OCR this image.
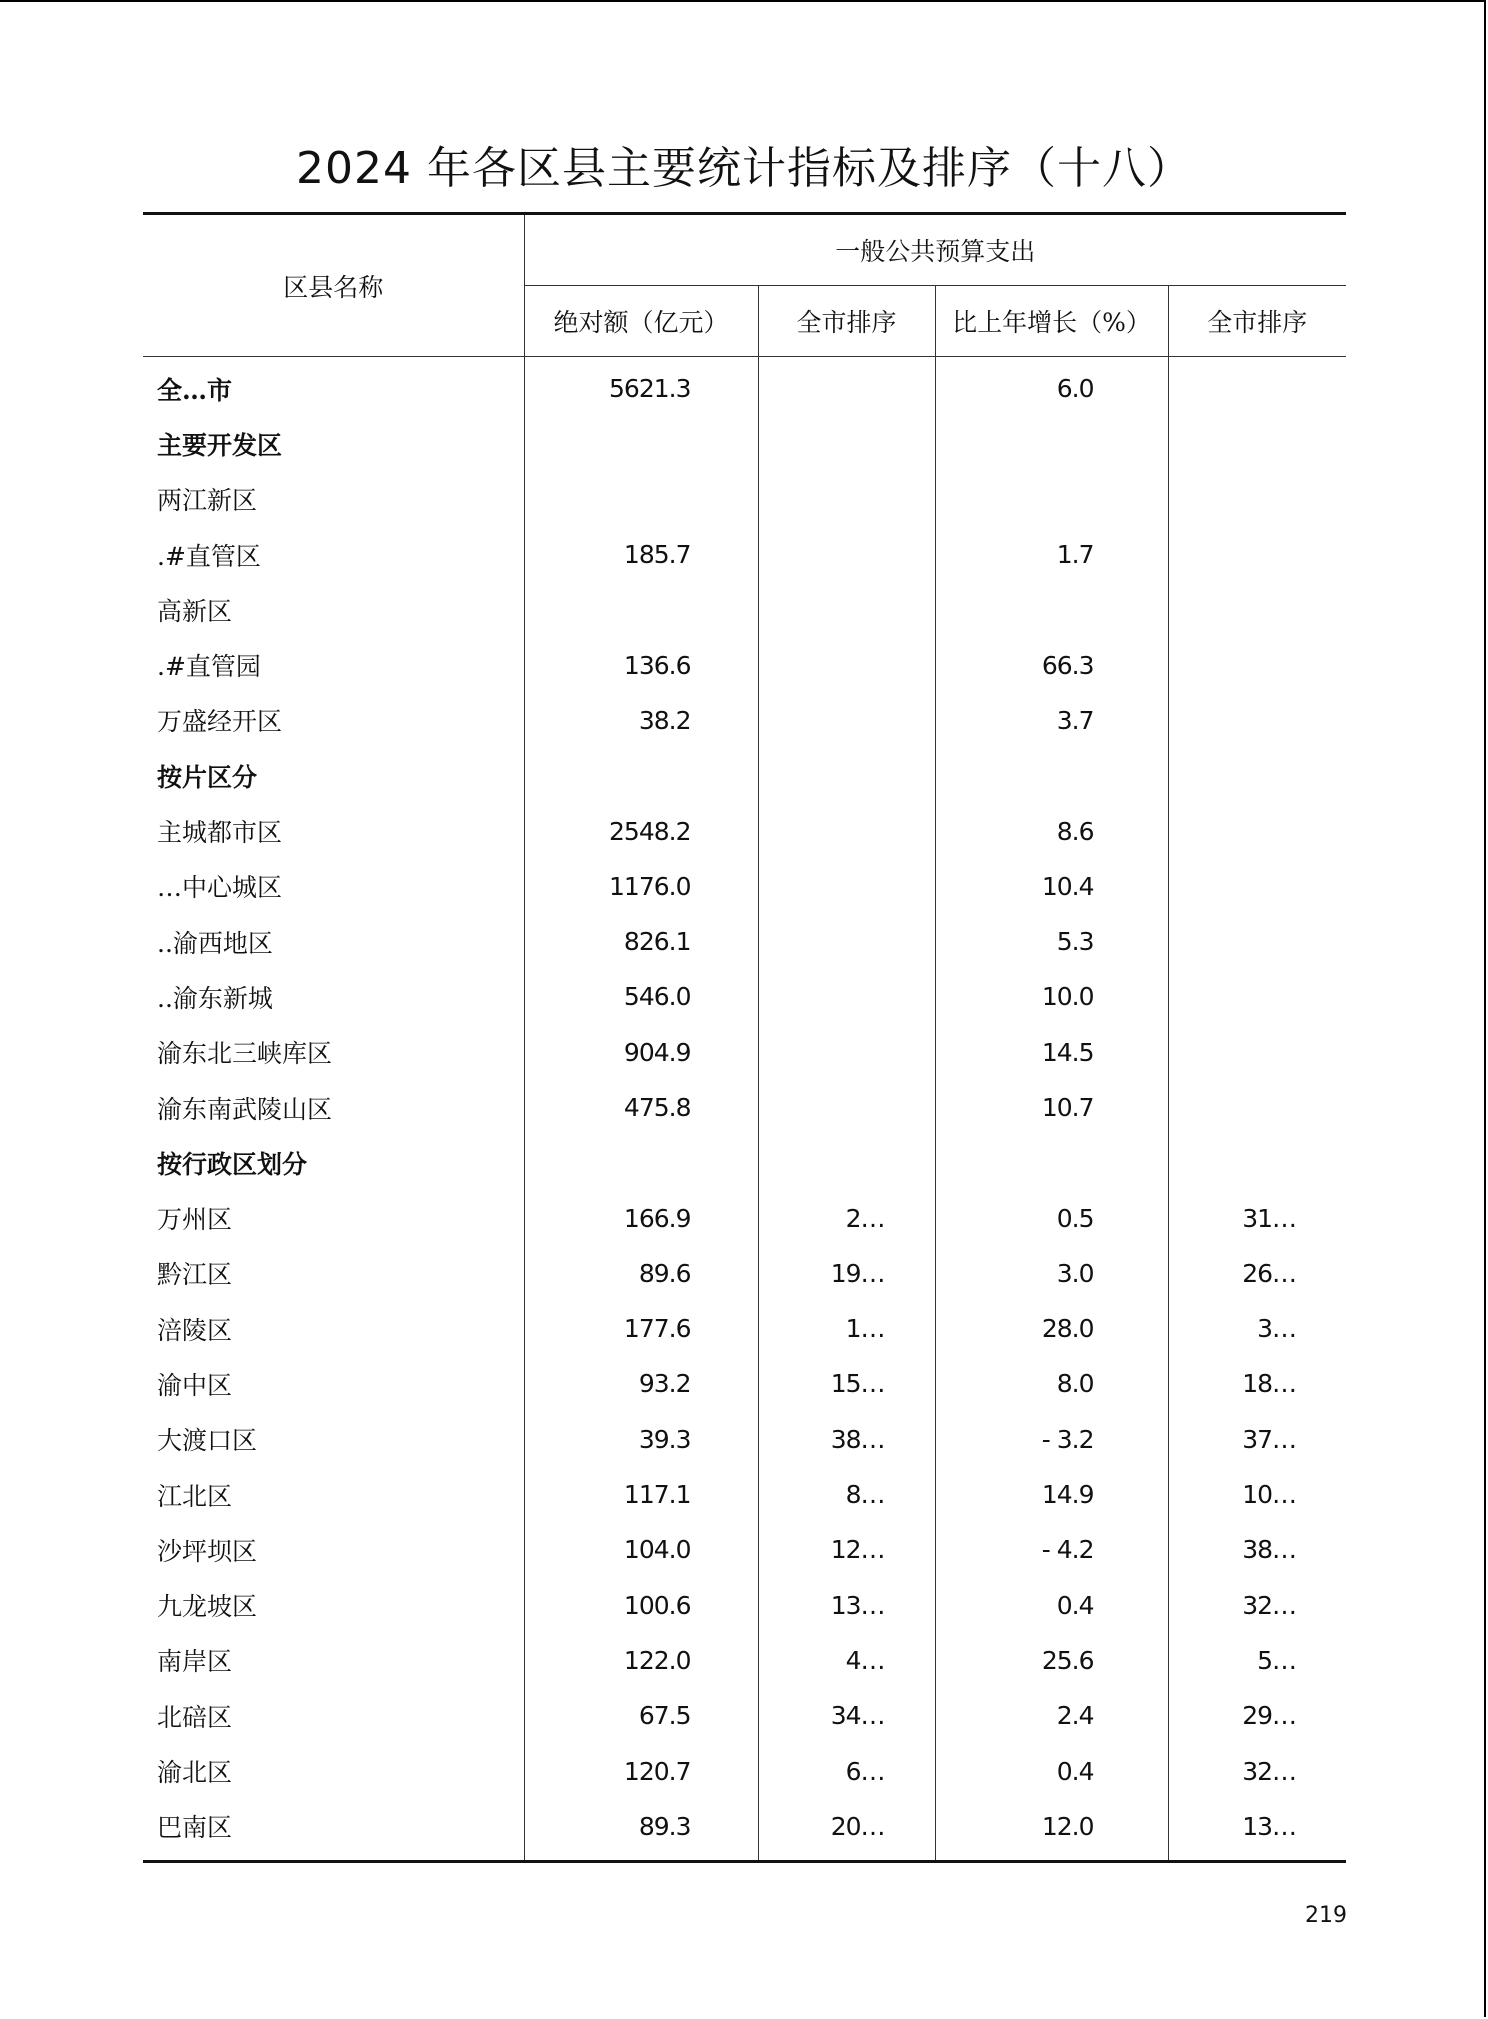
2024 年各区县主要统计指标及排序（十八）
区县名称	一般公共预算支出			
	绝对额（亿元）	全市排序	比上年增长（%）	全市排序
全…市	5621.3		6.0	
主要开发区				
两江新区				
.#直管区	185.7		1.7	
高新区				
.#直管园	136.6		66.3	
万盛经开区	38.2		3.7	
按片区分				
主城都市区	2548.2		8.6	
…中心城区	1176.0		10.4	
..渝西地区	826.1		5.3	
..渝东新城	546.0		10.0	
渝东北三峡库区	904.9		14.5	
渝东南武陵山区	475.8		10.7	
按行政区划分				
万州区	166.9	2…	0.5	31…
黔江区	89.6	19…	3.0	26…
涪陵区	177.6	1…	28.0	3…
渝中区	93.2	15…	8.0	18…
大渡口区	39.3	38…	- 3.2	37…
江北区	117.1	8…	14.9	10…
沙坪坝区	104.0	12…	- 4.2	38…
九龙坡区	100.6	13…	0.4	32…
南岸区	122.0	4…	25.6	5…
北碚区	67.5	34…	2.4	29…
渝北区	120.7	6…	0.4	32…
巴南区	89.3	20…	12.0	13…
219
